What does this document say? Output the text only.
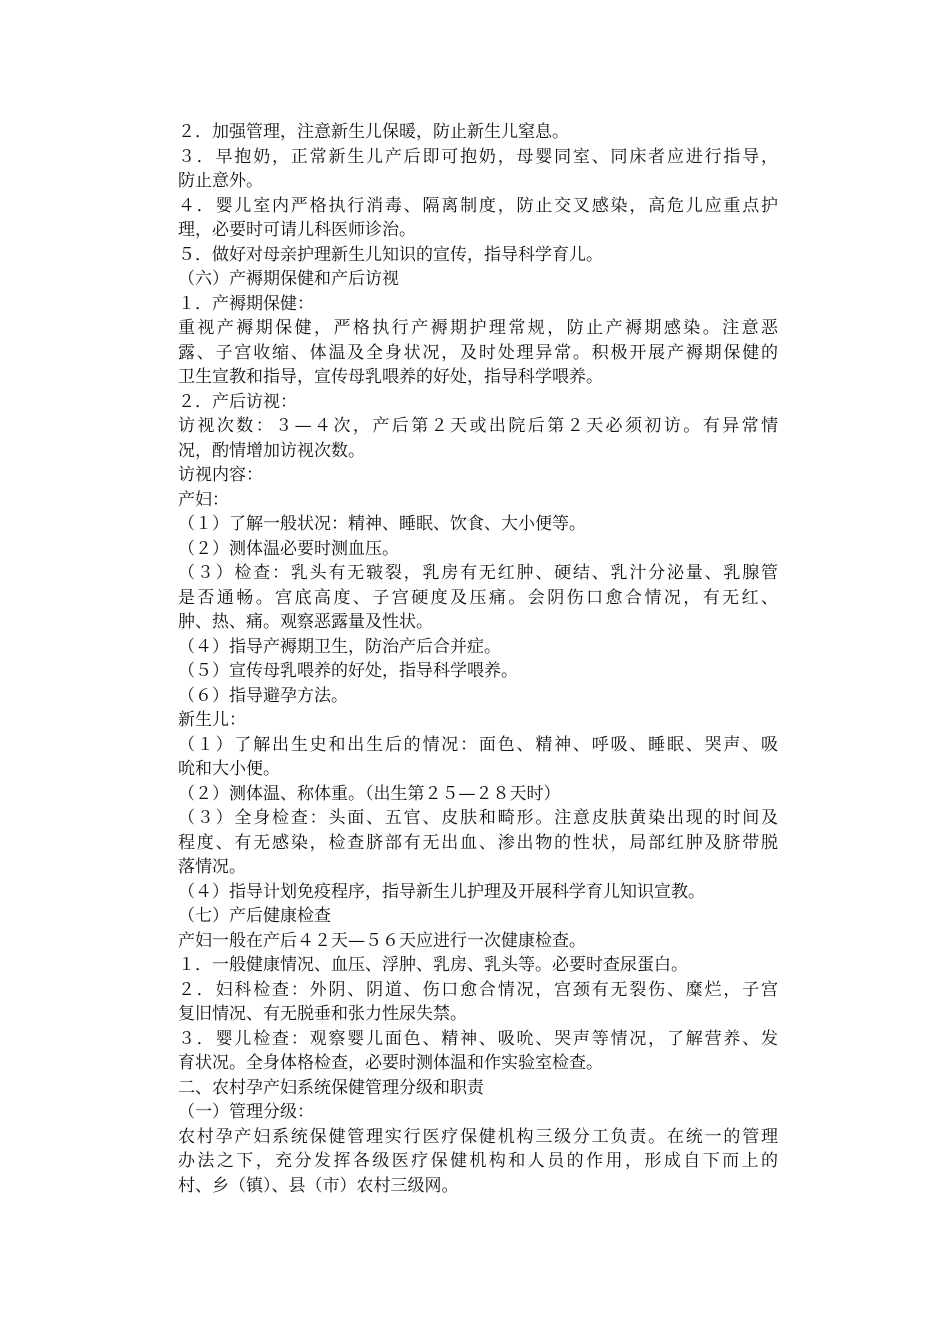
２．加强管理，注意新生儿保暖，防止新生儿窒息。
３．早抱奶，正常新生儿产后即可抱奶，母婴同室、同床者应进行指导，
防止意外。
４．婴儿室内严格执行消毒、隔离制度，防止交叉感染，高危儿应重点护
理，必要时可请儿科医师诊治。
５．做好对母亲护理新生儿知识的宣传，指导科学育儿。
（六）产褥期保健和产后访视
１．产褥期保健：
重视产褥期保健，严格执行产褥期护理常规，防止产褥期感染。注意恶
露、子宫收缩、体温及全身状况，及时处理异常。积极开展产褥期保健的
卫生宣教和指导，宣传母乳喂养的好处，指导科学喂养。
２．产后访视：
访视次数：３—４次，产后第２天或出院后第２天必须初访。有异常情
况，酌情增加访视次数。
访视内容：
产妇：
（１）了解一般状况：精神、睡眠、饮食、大小便等。
（２）测体温必要时测血压。
（３）检查：乳头有无皲裂，乳房有无红肿、硬结、乳汁分泌量、乳腺管
是否通畅。宫底高度、子宫硬度及压痛。会阴伤口愈合情况，有无红、
肿、热、痛。观察恶露量及性状。
（４）指导产褥期卫生，防治产后合并症。
（５）宣传母乳喂养的好处，指导科学喂养。
（６）指导避孕方法。
新生儿：
（１）了解出生史和出生后的情况：面色、精神、呼吸、睡眠、哭声、吸
吮和大小便。
（２）测体温、称体重。（出生第２５—２８天时）
（３）全身检查：头面、五官、皮肤和畸形。注意皮肤黄染出现的时间及
程度、有无感染，检查脐部有无出血、渗出物的性状，局部红肿及脐带脱
落情况。
（４）指导计划免疫程序，指导新生儿护理及开展科学育儿知识宣教。
（七）产后健康检查
产妇一般在产后４２天—５６天应进行一次健康检查。
１．一般健康情况、血压、浮肿、乳房、乳头等。必要时查尿蛋白。
２．妇科检查：外阴、阴道、伤口愈合情况，宫颈有无裂伤、糜烂，子宫
复旧情况、有无脱垂和张力性尿失禁。
３．婴儿检查：观察婴儿面色、精神、吸吮、哭声等情况，了解营养、发
育状况。全身体格检查，必要时测体温和作实验室检查。
二、农村孕产妇系统保健管理分级和职责
（一）管理分级：
农村孕产妇系统保健管理实行医疗保健机构三级分工负责。在统一的管理
办法之下，充分发挥各级医疗保健机构和人员的作用，形成自下而上的
村、乡（镇）、县（市）农村三级网。
